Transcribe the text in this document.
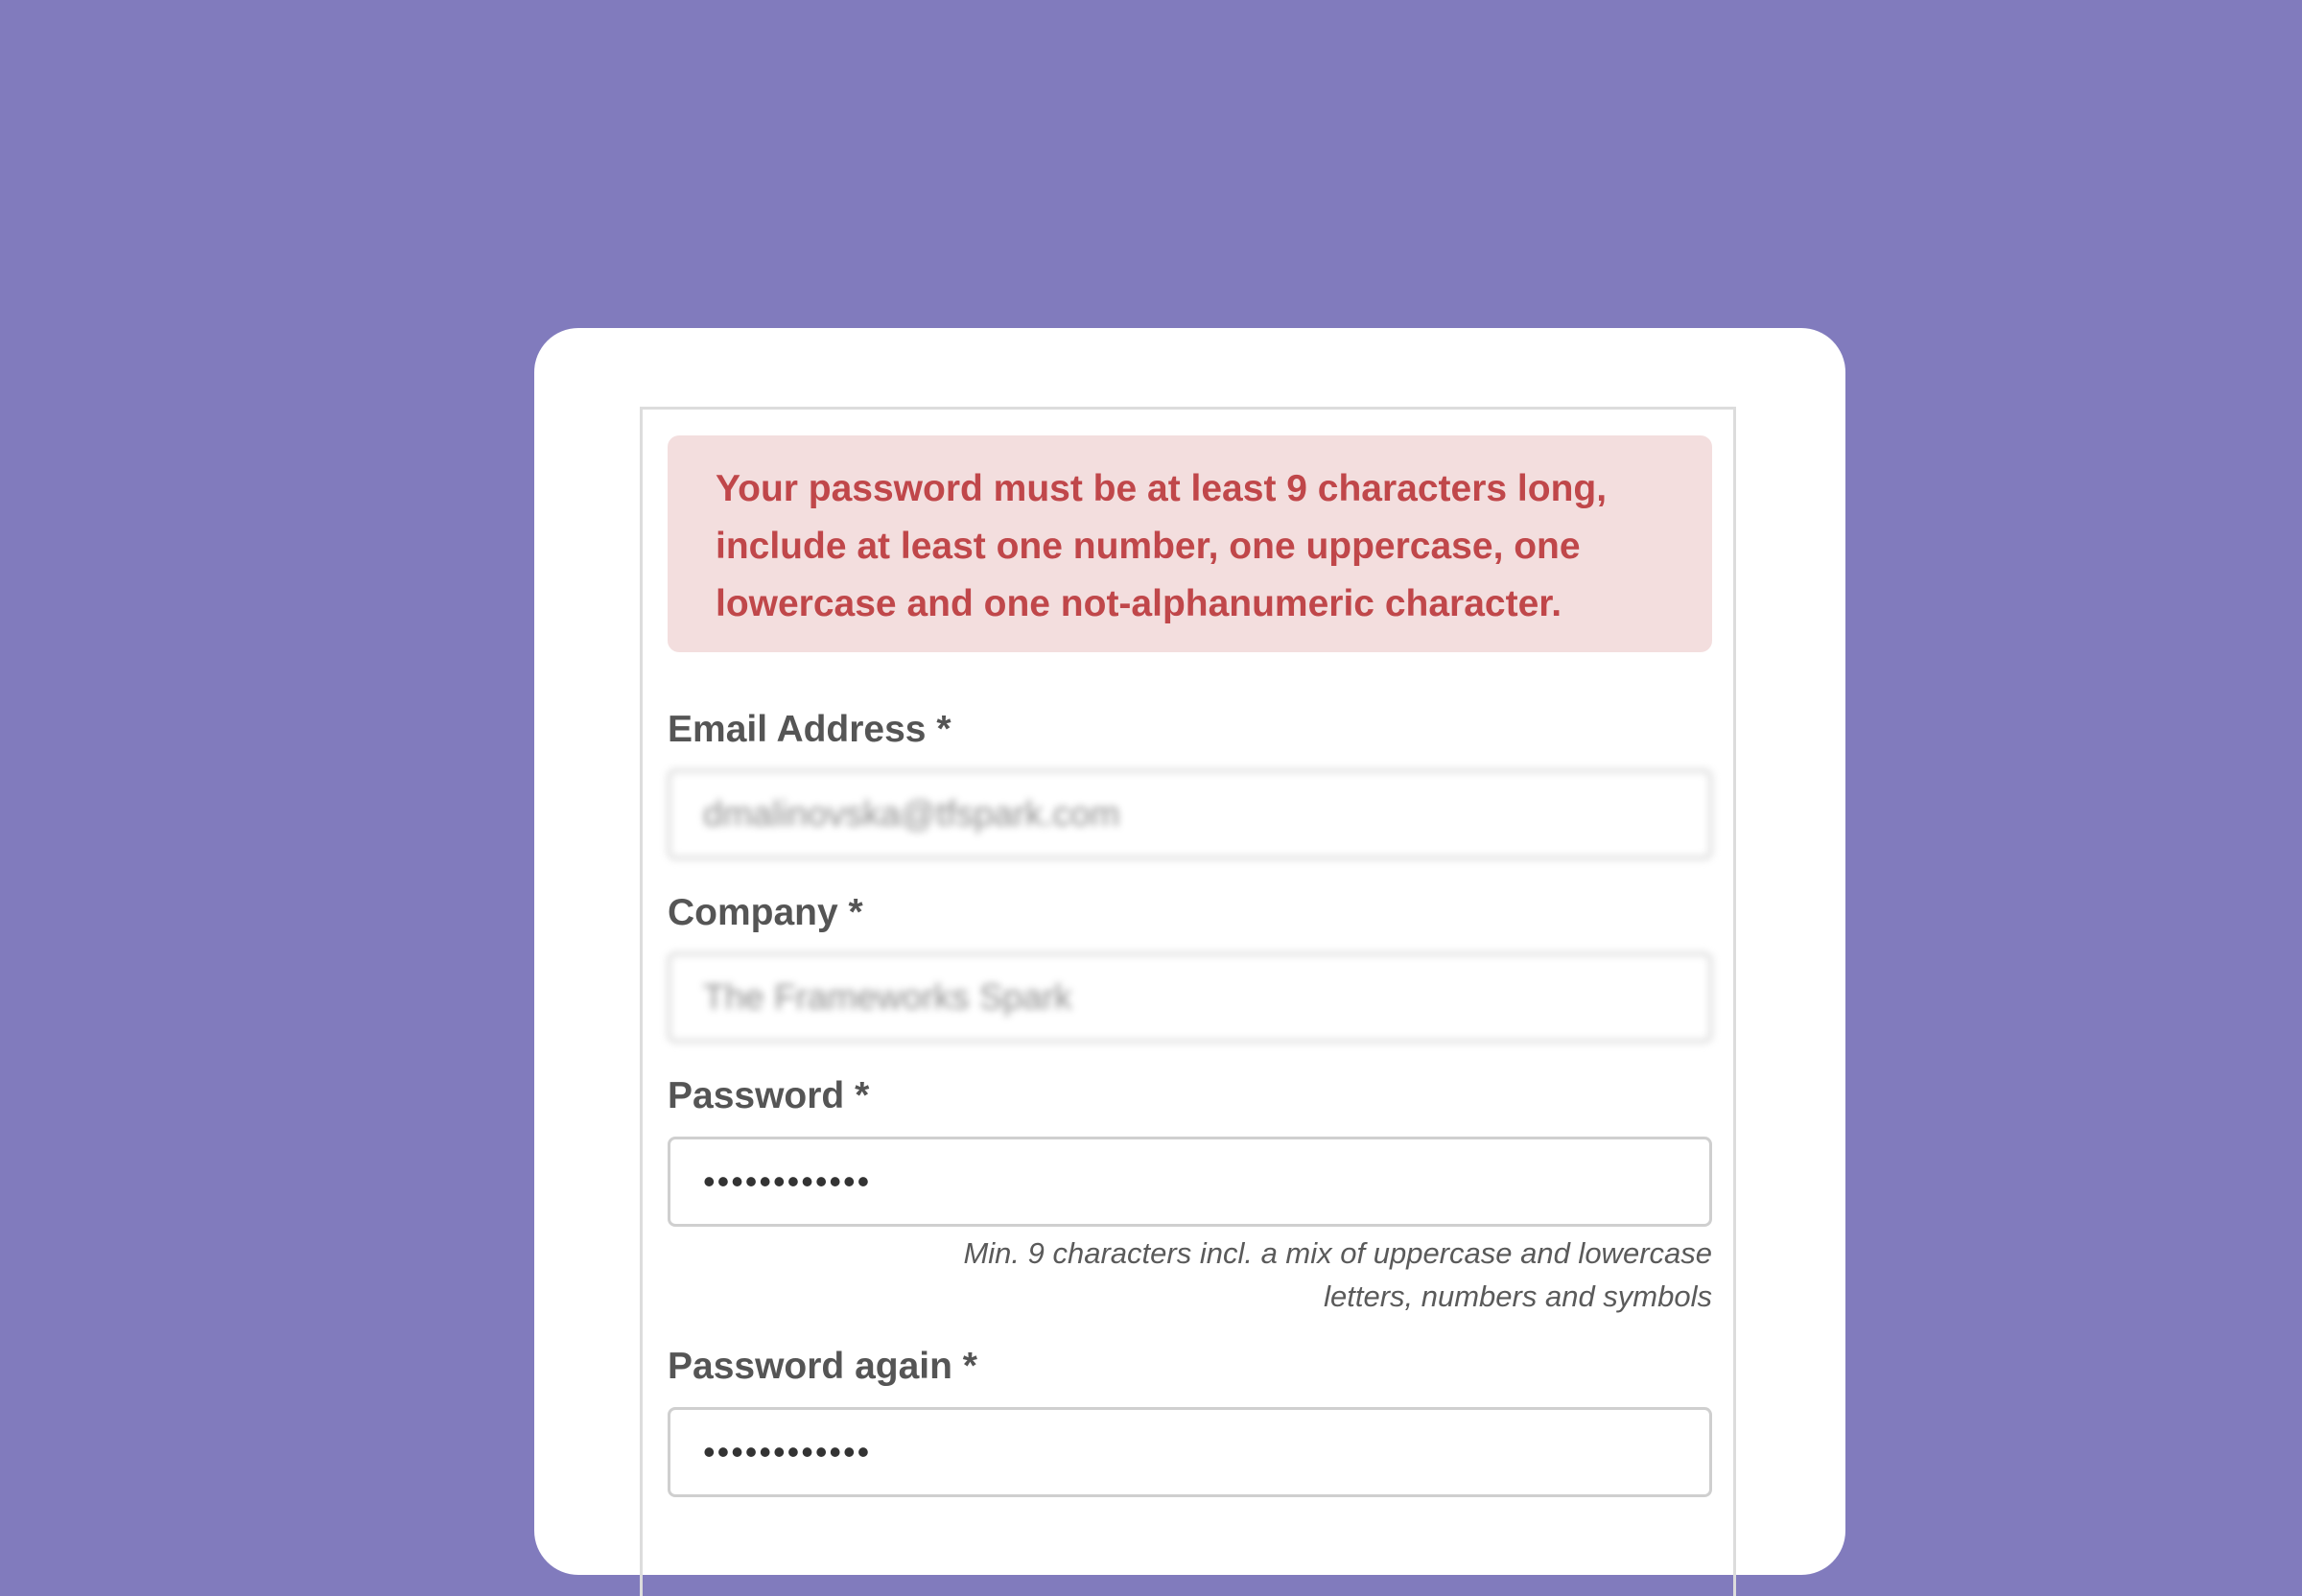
Your password must be at least 9 characters long,
include at least one number, one uppercase, one
lowercase and one not-alphanumeric character.

Email Address *
dmalinovska@tfspark.com
Company *
The Frameworks Spark
Password *
••••••••••••

Min. 9 characters incl. a mix of uppercase and lowercase
letters, numbers and symbols

Password again *
••••••••••••
